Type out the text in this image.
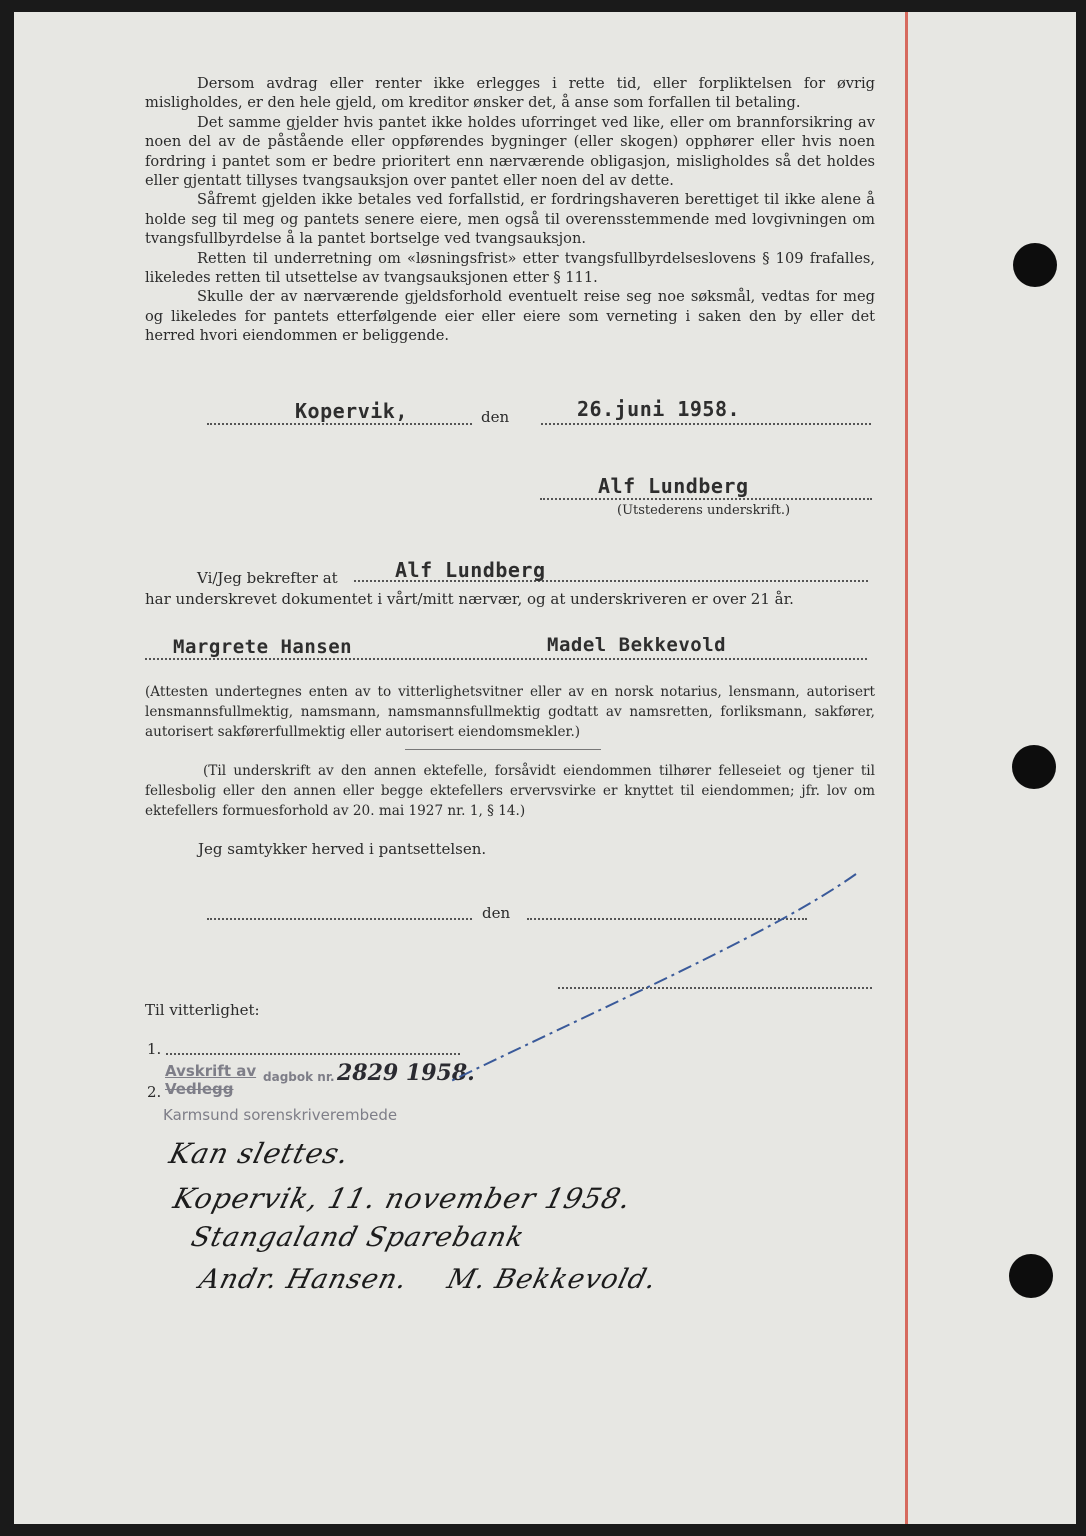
Dersom avdrag eller renter ikke erlegges i rette tid, eller forpliktelsen for øvrig misligholdes, er den hele gjeld, om kreditor ønsker det, å anse som forfallen til betaling.

Det samme gjelder hvis pantet ikke holdes uforringet ved like, eller om brannforsikring av noen del av de påstående eller oppførendes bygninger (eller skogen) opphører eller hvis noen fordring i pantet som er bedre prioritert enn nærværende obligasjon, misligholdes så det holdes eller gjentatt tillyses tvangsauksjon over pantet eller noen del av dette.

Såfremt gjelden ikke betales ved forfallstid, er fordringshaveren berettiget til ikke alene å holde seg til meg og pantets senere eiere, men også til overensstemmende med lovgivningen om tvangsfullbyrdelse å la pantet bortselge ved tvangsauksjon.

Retten til underretning om «løsningsfrist» etter tvangsfullbyrdelseslovens § 109 frafalles, likeledes retten til utsettelse av tvangsauksjonen etter § 111.

Skulle der av nærværende gjeldsforhold eventuelt reise seg noe søksmål, vedtas for meg og likeledes for pantets etterfølgende eier eller eiere som verneting i saken den by eller det herred hvori eiendommen er beliggende.

Kopervik,	den	26.juni 1958.
Alf Lundberg
(Utstederens underskrift.)
Vi/Jeg bekrefter at	Alf Lundberg
har underskrevet dokumentet i vårt/mitt nærvær, og at underskriveren er over 21 år.
Margrete Hansen	Madel Bekkevold

(Attesten undertegnes enten av to vitterlighetsvitner eller av en norsk notarius, lensmann, autorisert lensmannsfullmektig, namsmann, namsmannsfullmektig godtatt av namsretten, forliksmann, sakfører, autorisert sakførerfullmektig eller autorisert eiendomsmekler.)

(Til underskrift av den annen ektefelle, forsåvidt eiendommen tilhører felleseiet og tjener til fellesbolig eller den annen eller begge ektefellers ervervsvirke er knyttet til eiendommen; jfr. lov om ektefellers formuesforhold av 20. mai 1927 nr. 1, § 14.)

Jeg samtykker herved i pantsettelsen.
den
Til vitterlighet:
1.
2.
Avskrift av dagbok nr. 2829 1958.
Vedlegg
Karmsund sorenskriverembede
Kan slettes.
Kopervik, 11. november 1958.
Stangaland Sparebank
Andr. Hansen. M. Bekkevold.
